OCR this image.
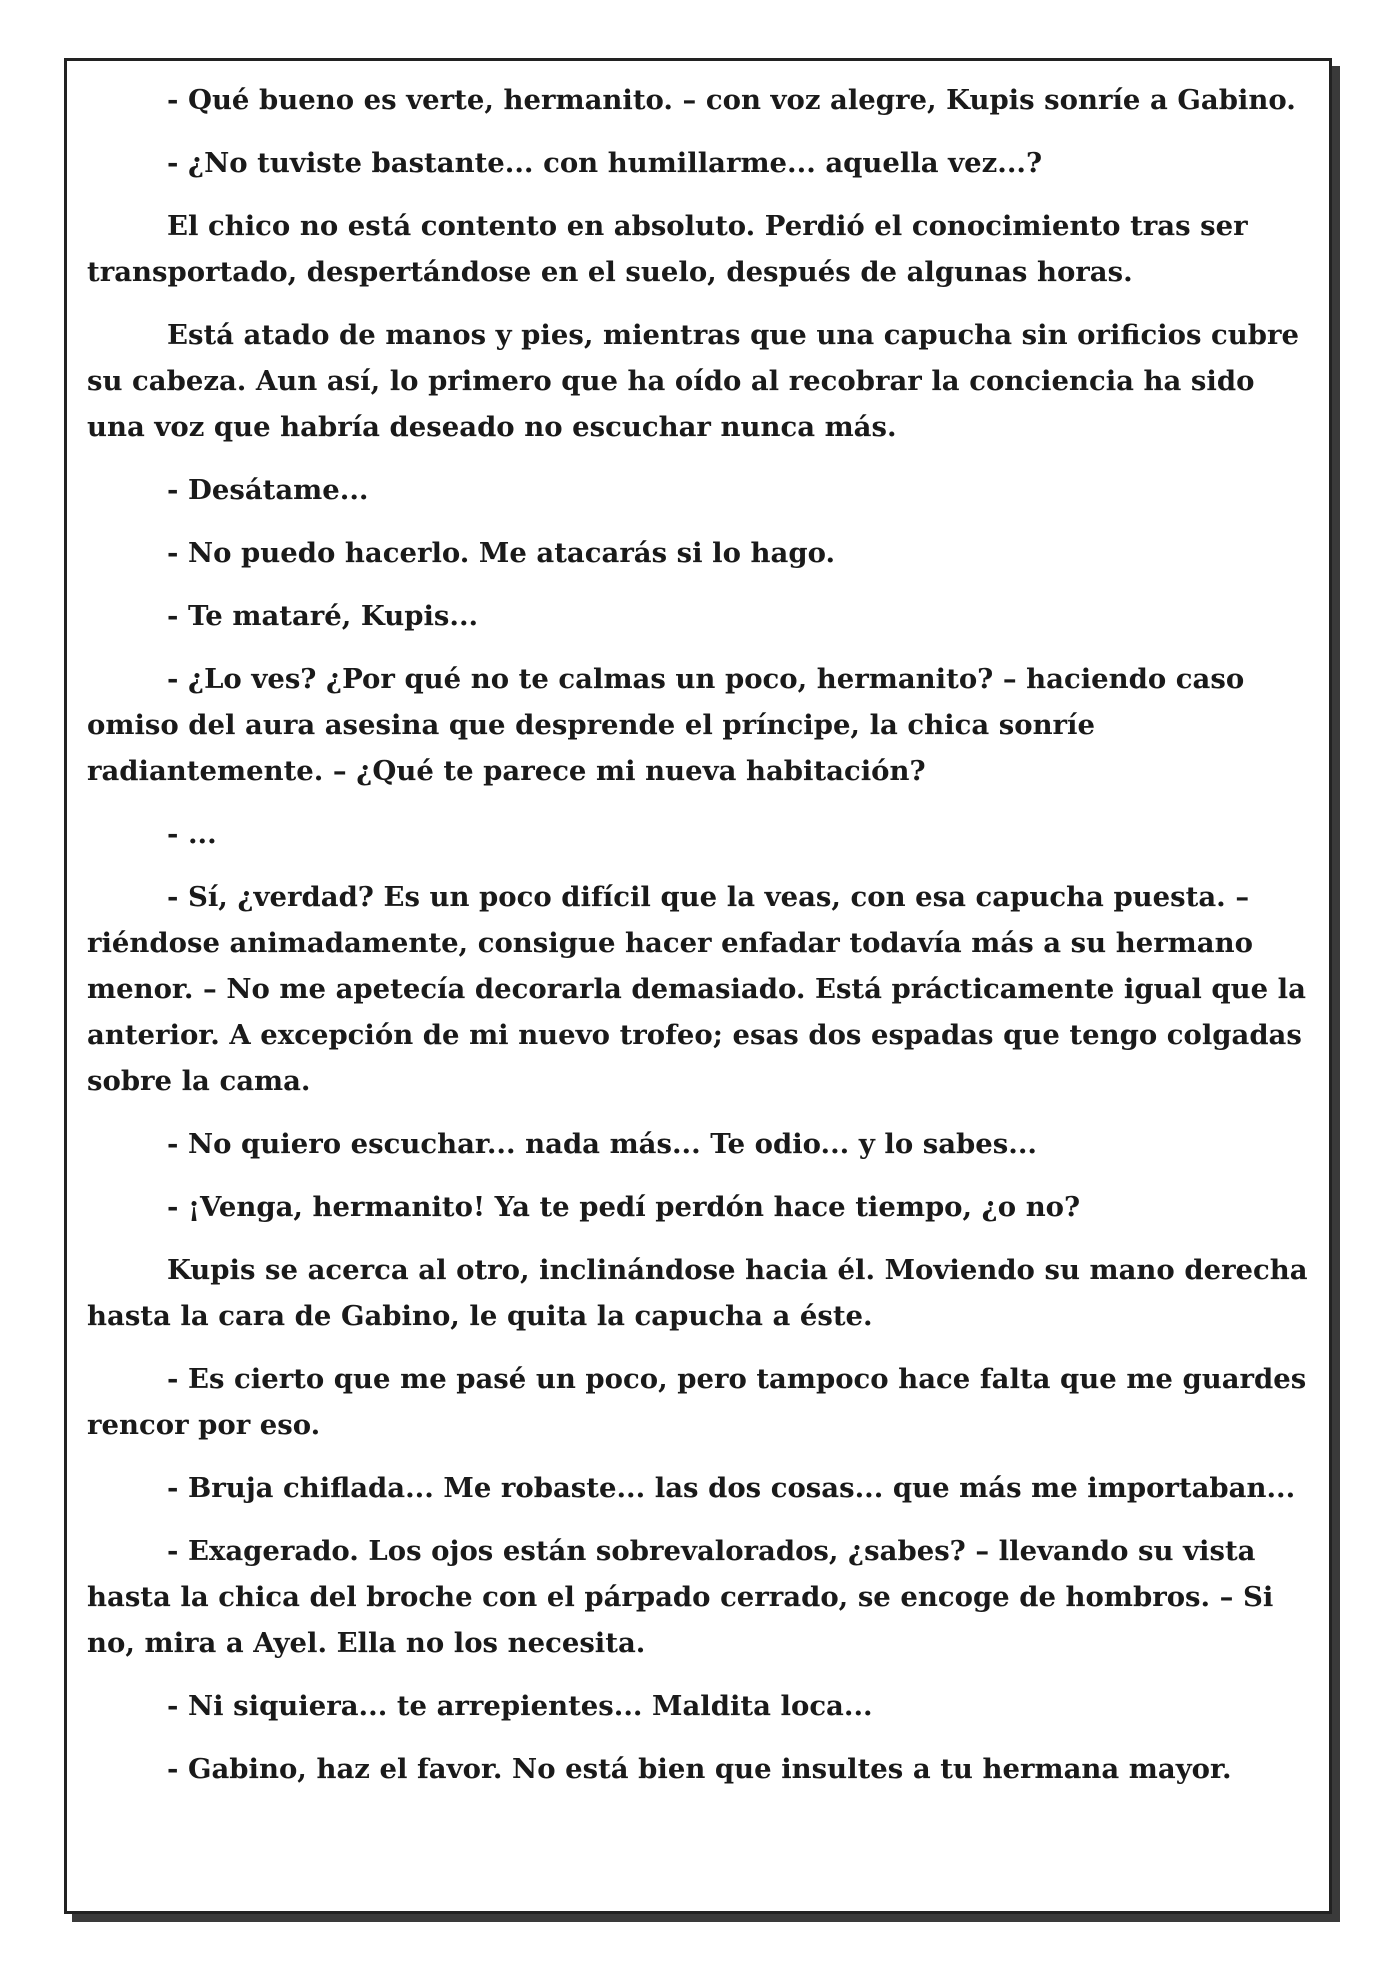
- Qué bueno es verte, hermanito. – con voz alegre, Kupis sonríe a Gabino.

- ¿No tuviste bastante... con humillarme... aquella vez...?

El chico no está contento en absoluto. Perdió el conocimiento tras ser transportado, despertándose en el suelo, después de algunas horas.

Está atado de manos y pies, mientras que una capucha sin orificios cubre su cabeza. Aun así, lo primero que ha oído al recobrar la conciencia ha sido una voz que habría deseado no escuchar nunca más.

- Desátame...

- No puedo hacerlo. Me atacarás si lo hago.

- Te mataré, Kupis...

- ¿Lo ves? ¿Por qué no te calmas un poco, hermanito? – haciendo caso omiso del aura asesina que desprende el príncipe, la chica sonríe radiantemente. – ¿Qué te parece mi nueva habitación?

- ...

- Sí, ¿verdad? Es un poco difícil que la veas, con esa capucha puesta. – riéndose animadamente, consigue hacer enfadar todavía más a su hermano menor. – No me apetecía decorarla demasiado. Está prácticamente igual que la anterior. A excepción de mi nuevo trofeo; esas dos espadas que tengo colgadas sobre la cama.

- No quiero escuchar... nada más... Te odio... y lo sabes...

- ¡Venga, hermanito! Ya te pedí perdón hace tiempo, ¿o no?

Kupis se acerca al otro, inclinándose hacia él. Moviendo su mano derecha hasta la cara de Gabino, le quita la capucha a éste.

- Es cierto que me pasé un poco, pero tampoco hace falta que me guardes rencor por eso.

- Bruja chiflada... Me robaste... las dos cosas... que más me importaban...

- Exagerado. Los ojos están sobrevalorados, ¿sabes? – llevando su vista hasta la chica del broche con el párpado cerrado, se encoge de hombros. – Si no, mira a Ayel. Ella no los necesita.

- Ni siquiera... te arrepientes... Maldita loca...

- Gabino, haz el favor. No está bien que insultes a tu hermana mayor.
